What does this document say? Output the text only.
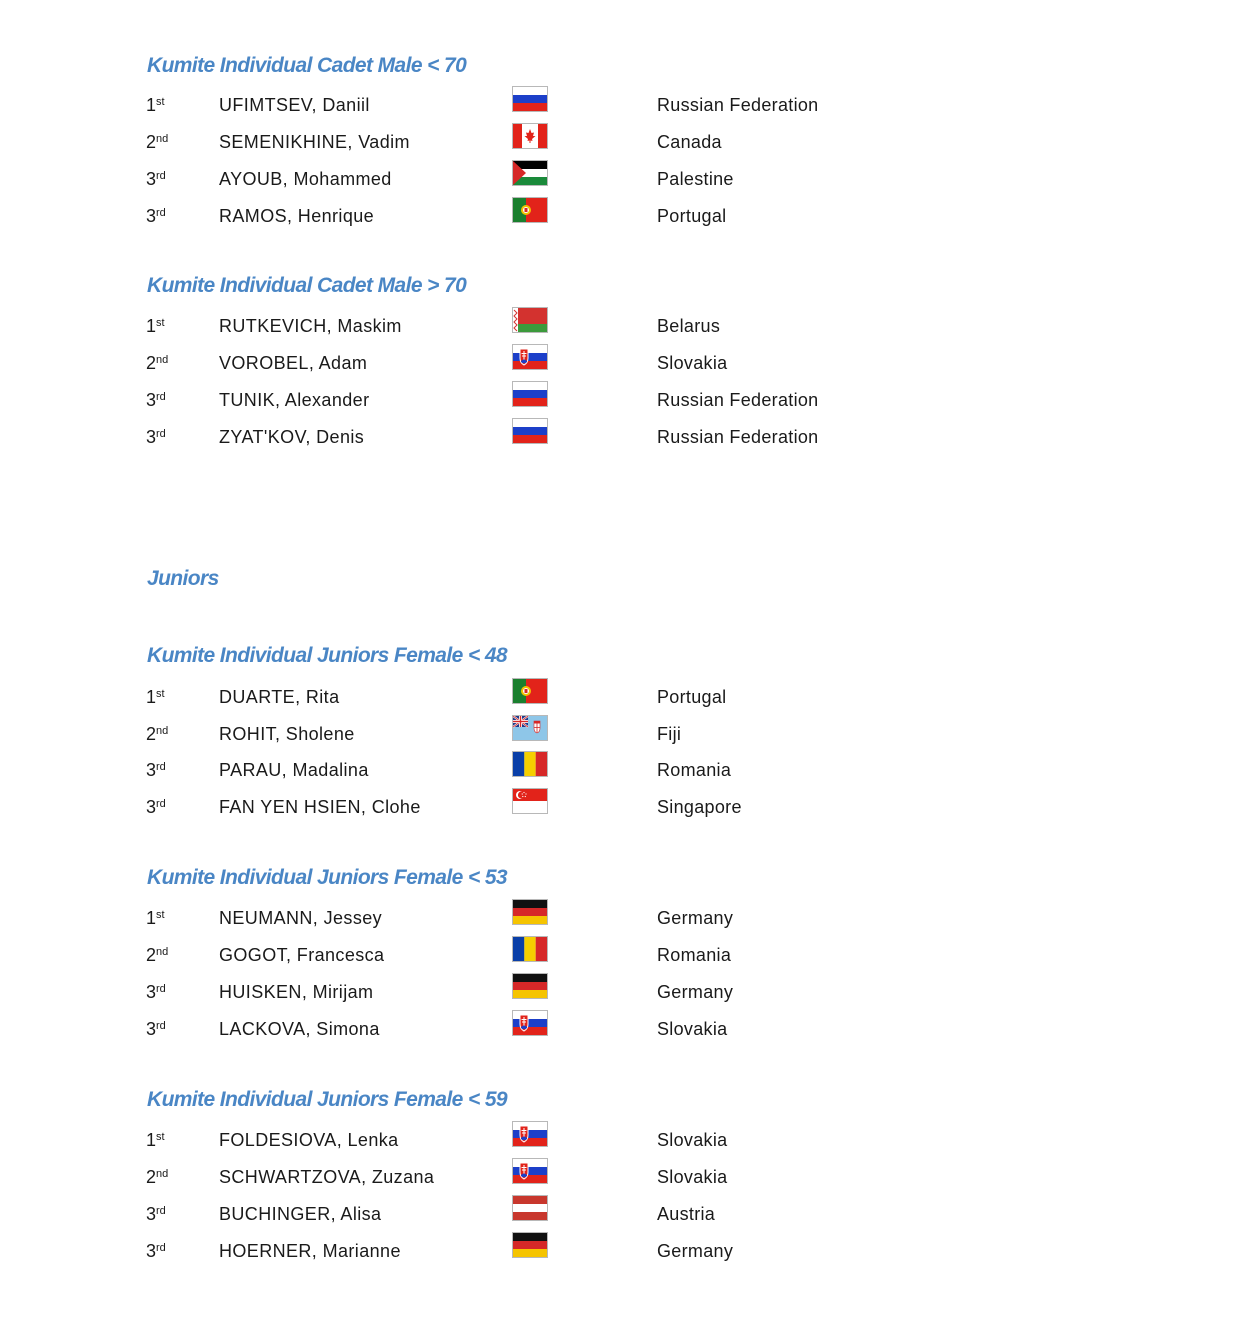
Kumite Individual Cadet Male < 70
1st	UFIMTSEV, Daniil	Russian Federation
2nd	SEMENIKHINE, Vadim	Canada
3rd	AYOUB, Mohammed	Palestine
3rd	RAMOS, Henrique	Portugal
Kumite Individual Cadet Male > 70
1st	RUTKEVICH, Maskim	Belarus
2nd	VOROBEL, Adam	Slovakia
3rd	TUNIK, Alexander	Russian Federation
3rd	ZYAT'KOV, Denis	Russian Federation
Juniors
Kumite Individual Juniors Female < 48
1st	DUARTE, Rita	Portugal
2nd	ROHIT, Sholene	Fiji
3rd	PARAU, Madalina	Romania
3rd	FAN YEN HSIEN, Clohe	Singapore
Kumite Individual Juniors Female < 53
1st	NEUMANN, Jessey	Germany
2nd	GOGOT, Francesca	Romania
3rd	HUISKEN, Mirijam	Germany
3rd	LACKOVA, Simona	Slovakia
Kumite Individual Juniors Female < 59
1st	FOLDESIOVA, Lenka	Slovakia
2nd	SCHWARTZOVA, Zuzana	Slovakia
3rd	BUCHINGER, Alisa	Austria
3rd	HOERNER, Marianne	Germany
